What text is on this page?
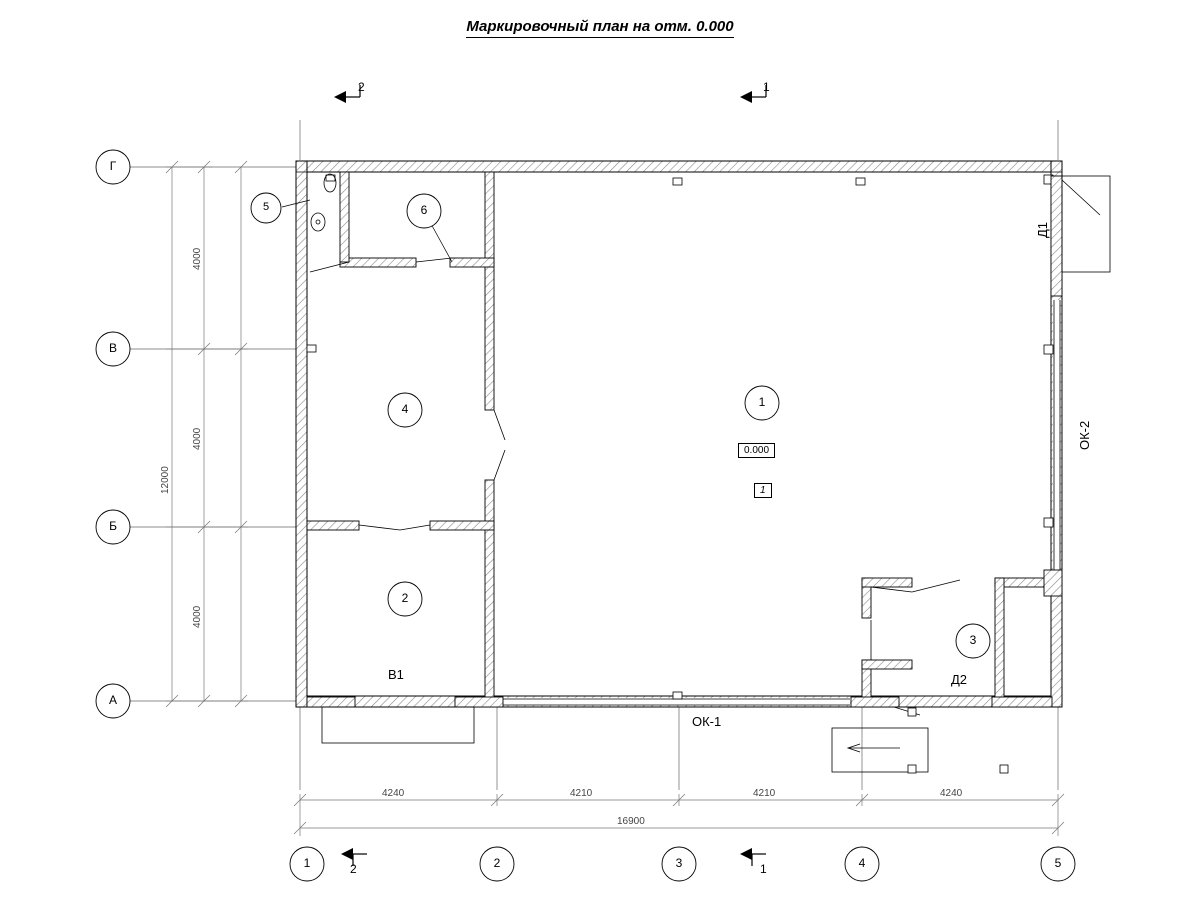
Маркировочный план на отм. 0.000
Г
В
Б
А
1	2	3	4	5
1
2
3
4
5	6
2	1
2	1
В1
Д1
Д2
ОК-1
ОК-2
0.000
1
4240	4210	4210	4240
16900
4000
4000
4000
12000
